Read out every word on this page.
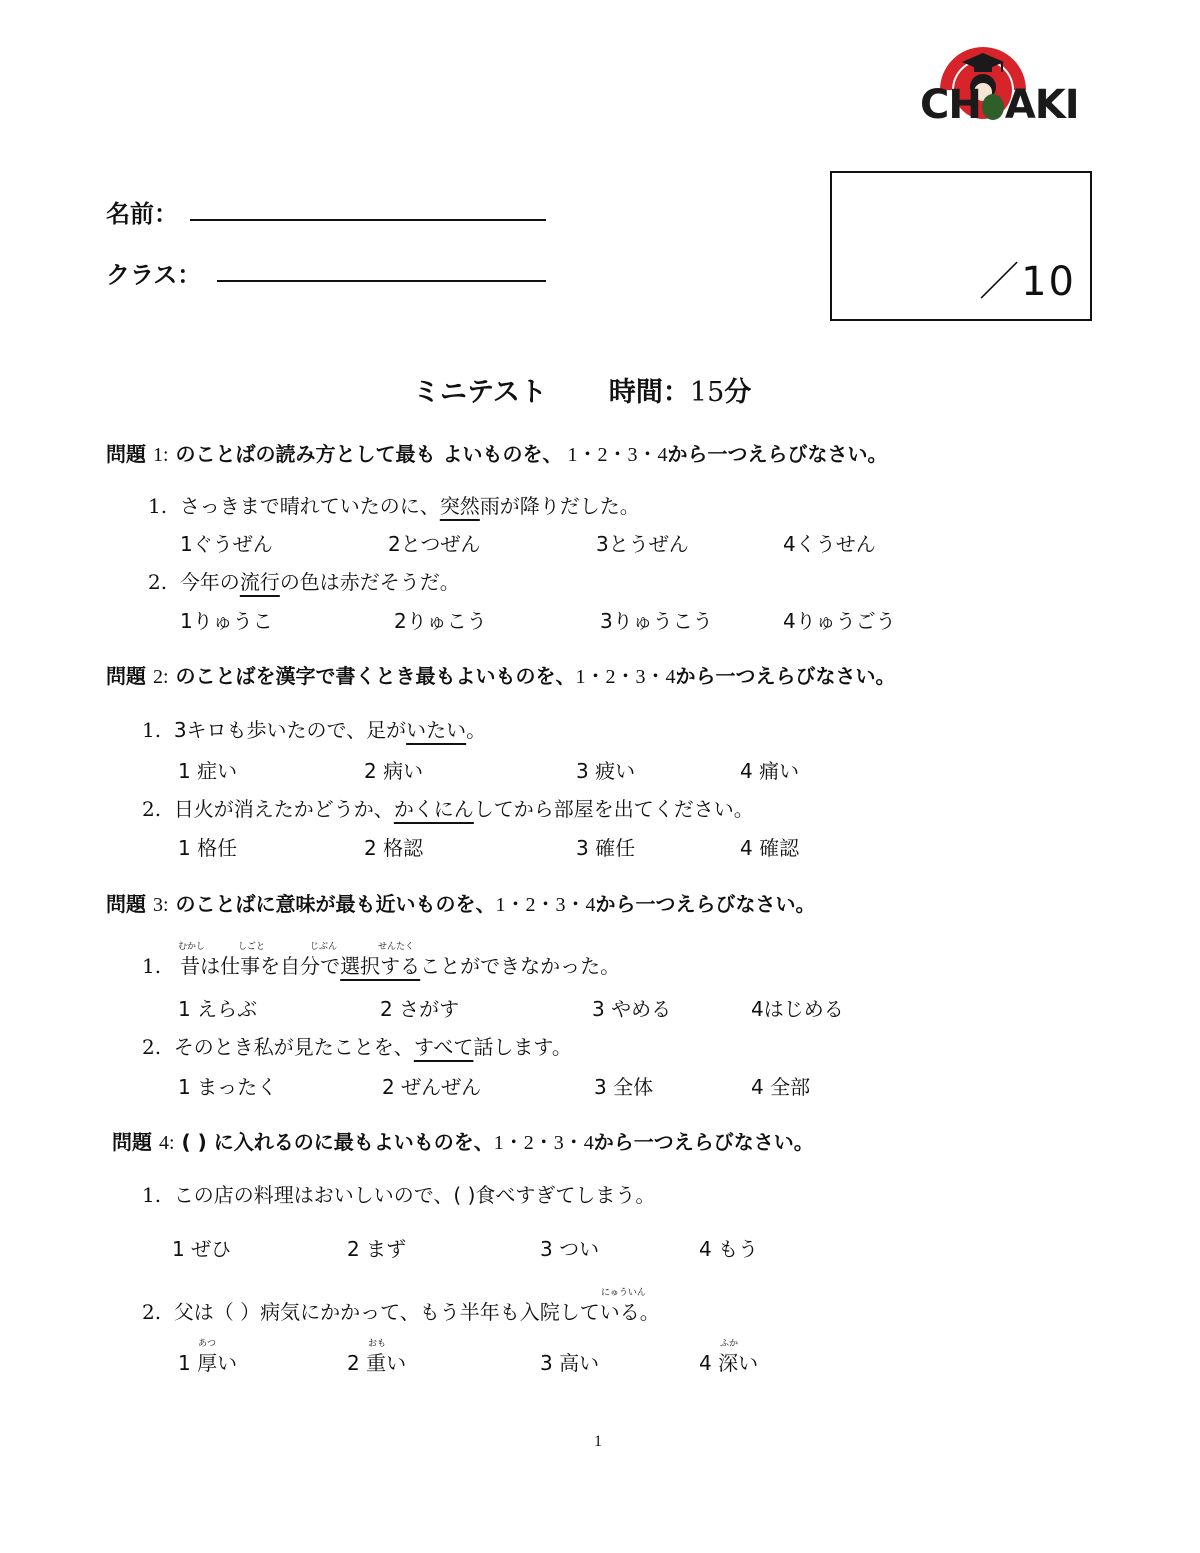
CH AKI
名前：
クラス：	／10
ミニテスト 時間：15分
問題 1: のことばの読み方として最も よいものを、 1・2・3・4から一つえらびなさい。
1. さっきまで晴れていたのに、突然雨が降りだした。
1ぐうぜん	2とつぜん	3とうぜん	4くうせん
2. 今年の流行の色は赤だそうだ。
1りゅうこ	2りゅこう	3りゅうこう	4りゅうごう
問題 2: のことばを漢字で書くとき最もよいものを、1・2・3・4から一つえらびなさい。
1. 3キロも歩いたので、足がいたい。
1 症い	2 病い	3 疲い	4 痛い
2. 日火が消えたかどうか、かくにんしてから部屋を出てください。
1 格任	2 格認	3 確任	4 確認
問題 3: のことばに意味が最も近いものを、1・2・3・4から一つえらびなさい。
むかし	しごと	じぶん	せんたく
1. 昔は仕事を自分で選択することができなかった。
1 えらぶ	2 さがす	3 やめる	4はじめる
2. そのとき私が見たことを、すべて話します。
1 まったく	2 ぜんぜん	3 全体	4 全部
問題 4: ( ) に入れるのに最もよいものを、1・2・3・4から一つえらびなさい。
1. この店の料理はおいしいので、( )食べすぎてしまう。
1 ぜひ	2 まず	3 つい	4 もう
にゅういん
2. 父は（ ）病気にかかって、もう半年も入院している。
あつ	おも	ふか
1 厚い	2 重い	3 高い	4 深い
1
